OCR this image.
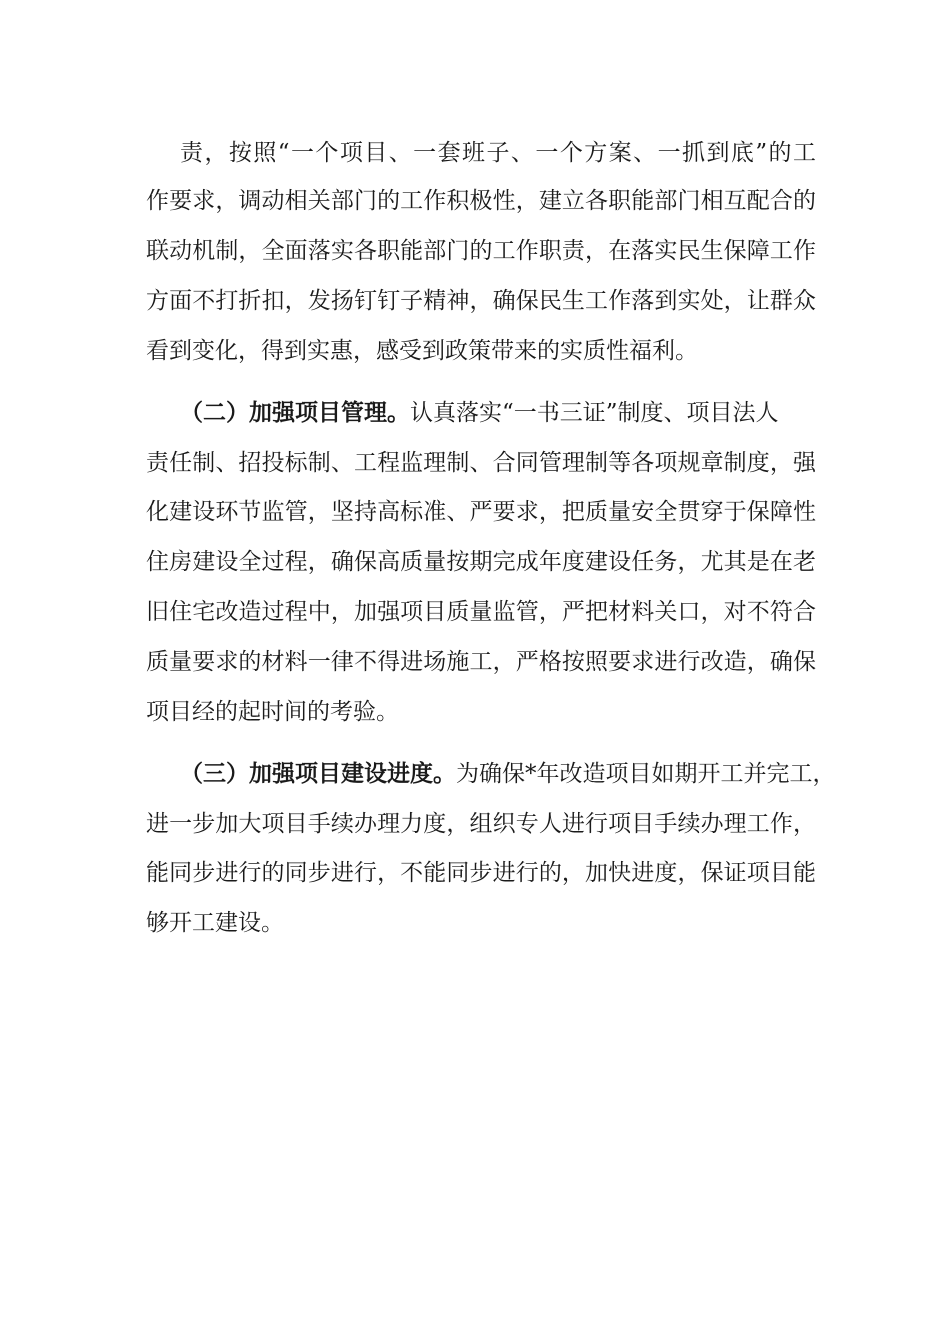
责，按照“一个项目、一套班子、一个方案、一抓到底”的工
作要求，调动相关部门的工作积极性，建立各职能部门相互配合的
联动机制，全面落实各职能部门的工作职责，在落实民生保障工作
方面不打折扣，发扬钉钉子精神，确保民生工作落到实处，让群众
看到变化，得到实惠，感受到政策带来的实质性福利。
（二）加强项目管理。认真落实“一书三证”制度、项目法人
责任制、招投标制、工程监理制、合同管理制等各项规章制度，强
化建设环节监管，坚持高标准、严要求，把质量安全贯穿于保障性
住房建设全过程，确保高质量按期完成年度建设任务，尤其是在老
旧住宅改造过程中，加强项目质量监管，严把材料关口，对不符合
质量要求的材料一律不得进场施工，严格按照要求进行改造，确保
项目经的起时间的考验。
（三）加强项目建设进度。为确保*年改造项目如期开工并完工，
进一步加大项目手续办理力度，组织专人进行项目手续办理工作，
能同步进行的同步进行，不能同步进行的，加快进度，保证项目能
够开工建设。
